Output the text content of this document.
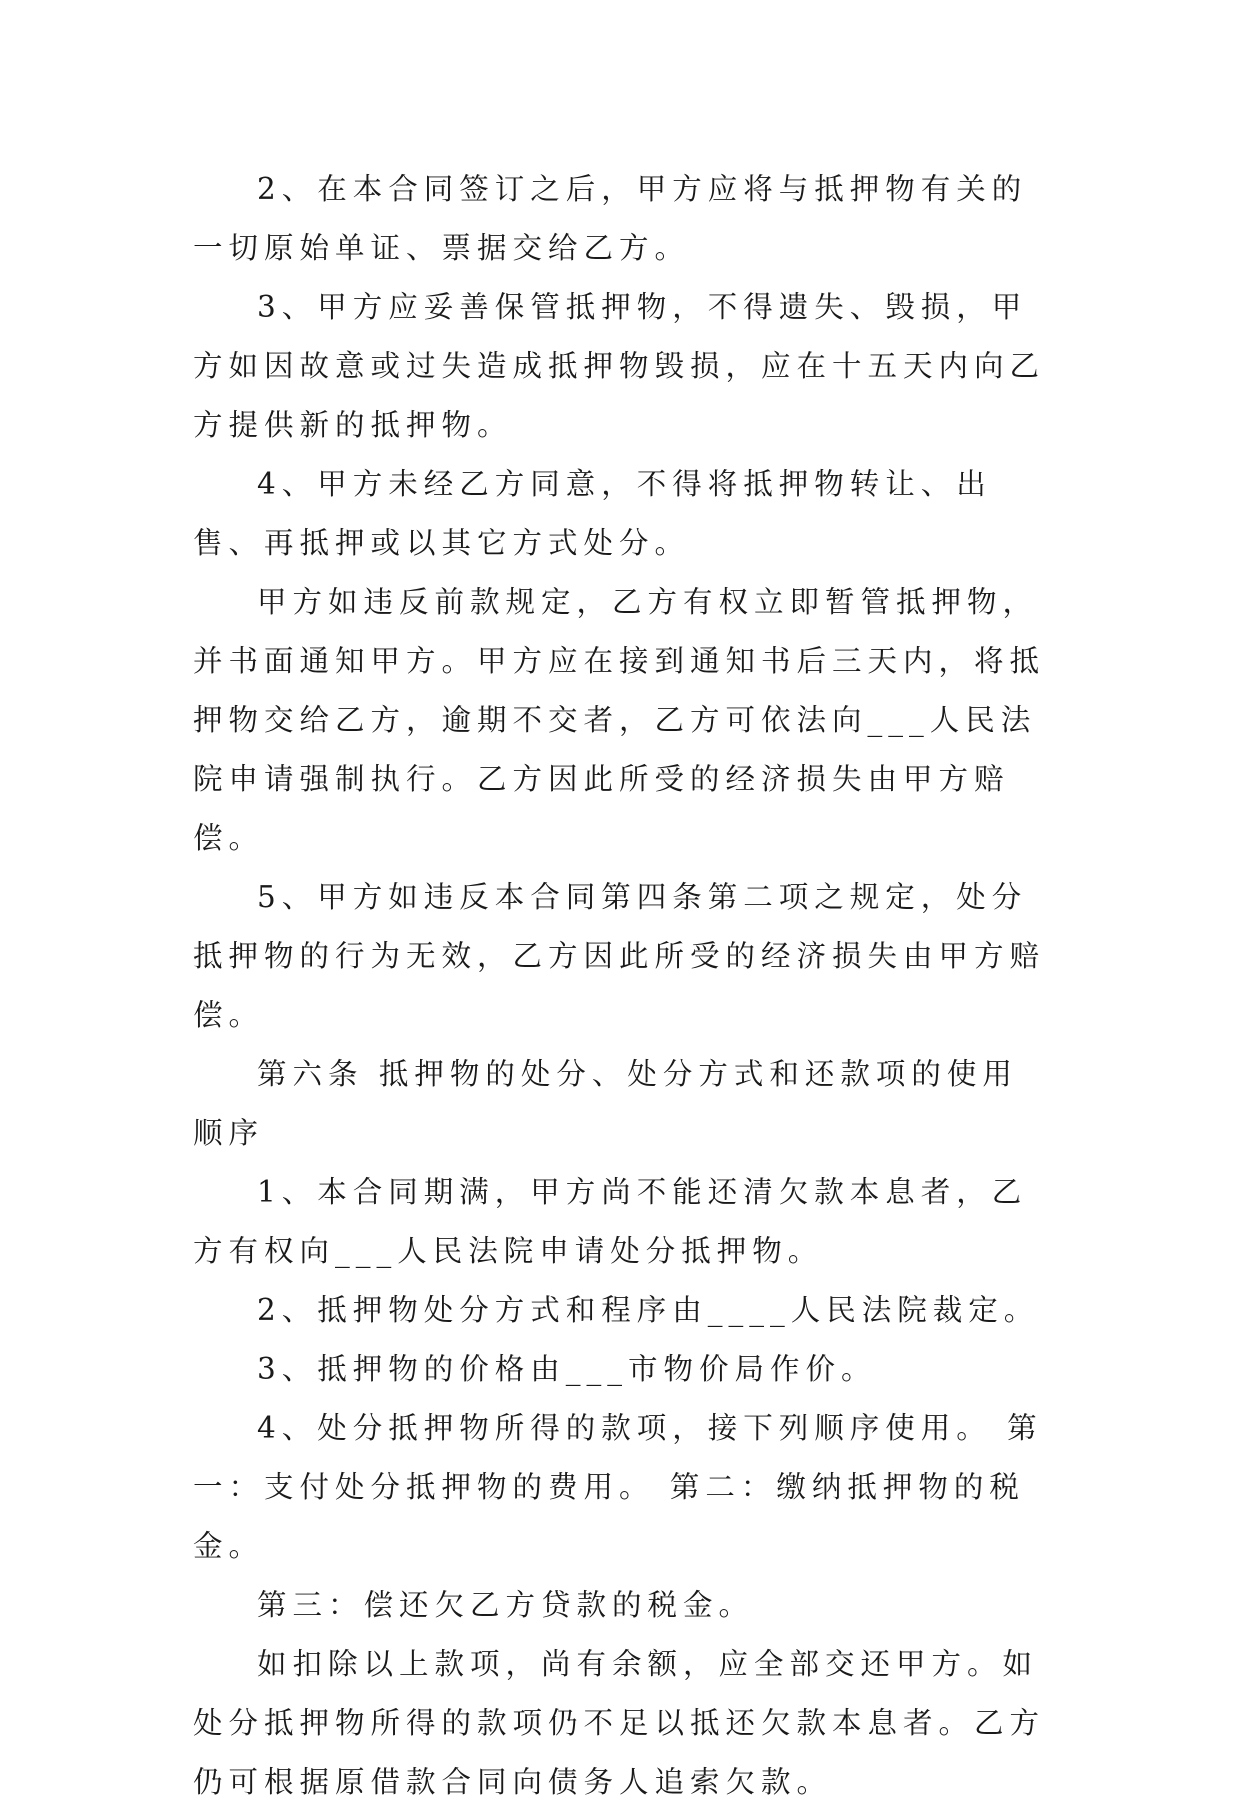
2、在本合同签订之后，甲方应将与抵押物有关的一切原始单证、票据交给乙方。

3、甲方应妥善保管抵押物，不得遗失、毁损，甲方如因故意或过失造成抵押物毁损，应在十五天内向乙方提供新的抵押物。

4、甲方未经乙方同意，不得将抵押物转让、出售、再抵押或以其它方式处分。

甲方如违反前款规定，乙方有权立即暂管抵押物，并书面通知甲方。甲方应在接到通知书后三天内，将抵押物交给乙方，逾期不交者，乙方可依法向___人民法院申请强制执行。乙方因此所受的经济损失由甲方赔偿。

5、甲方如违反本合同第四条第二项之规定，处分抵押物的行为无效，乙方因此所受的经济损失由甲方赔偿。

第六条 抵押物的处分、处分方式和还款项的使用顺序

1、本合同期满，甲方尚不能还清欠款本息者，乙方有权向___人民法院申请处分抵押物。

2、抵押物处分方式和程序由____人民法院裁定。

3、抵押物的价格由___市物价局作价。

4、处分抵押物所得的款项，接下列顺序使用。 第一：支付处分抵押物的费用。 第二：缴纳抵押物的税金。

第三：偿还欠乙方贷款的税金。

如扣除以上款项，尚有余额，应全部交还甲方。如处分抵押物所得的款项仍不足以抵还欠款本息者。乙方仍可根据原借款合同向债务人追索欠款。
